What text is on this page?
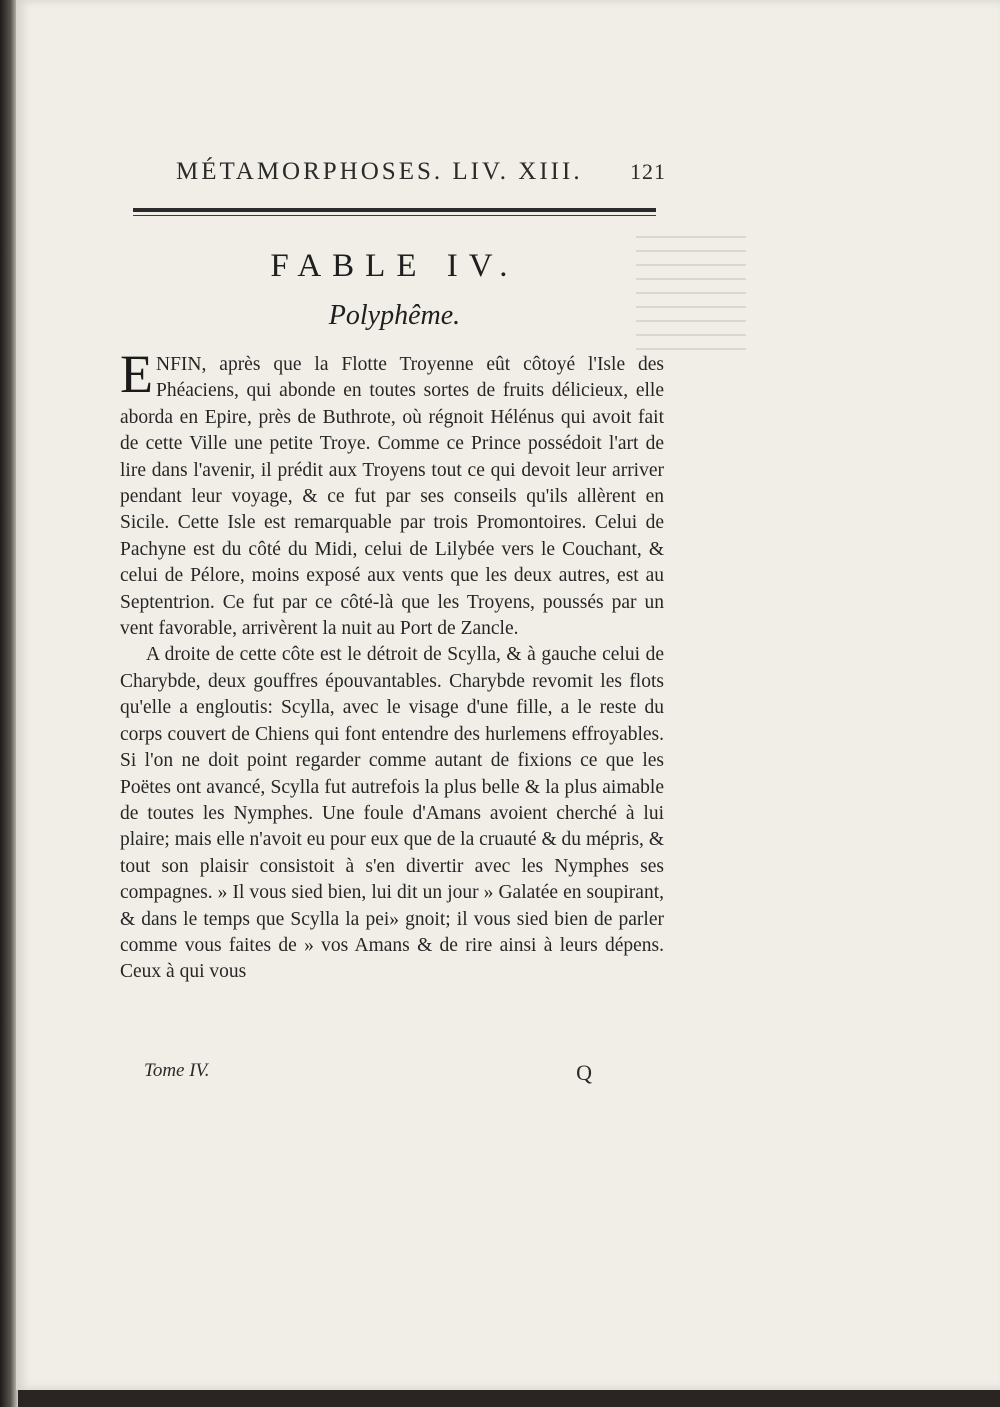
MÉTAMORPHOSES. LIV. XIII. 121
FABLE IV.
Polyphême.

ENFIN, après que la Flotte Troyenne eût côtoyé l'Isle des Phéaciens, qui abonde en toutes sortes de fruits délicieux, elle aborda en Epire, près de Buthrote, où régnoit Hélénus qui avoit fait de cette Ville une petite Troye. Comme ce Prince possédoit l'art de lire dans l'avenir, il prédit aux Troyens tout ce qui devoit leur arriver pendant leur voyage, & ce fut par ses conseils qu'ils allèrent en Sicile. Cette Isle est remarquable par trois Promontoires. Celui de Pachyne est du côté du Midi, celui de Lilybée vers le Couchant, & celui de Pélore, moins exposé aux vents que les deux autres, est au Septentrion. Ce fut par ce côté-là que les Troyens, poussés par un vent favorable, arrivèrent la nuit au Port de Zancle.

A droite de cette côte est le détroit de Scylla, & à gauche celui de Charybde, deux gouffres épouvantables. Charybde revomit les flots qu'elle a engloutis: Scylla, avec le visage d'une fille, a le reste du corps couvert de Chiens qui font entendre des hurlemens effroyables. Si l'on ne doit point regarder comme autant de fixions ce que les Poëtes ont avancé, Scylla fut autrefois la plus belle & la plus aimable de toutes les Nymphes. Une foule d'Amans avoient cherché à lui plaire; mais elle n'avoit eu pour eux que de la cruauté & du mépris, & tout son plaisir consistoit à s'en divertir avec les Nymphes ses compagnes. » Il vous sied bien, lui dit un jour » Galatée en soupirant, & dans le temps que Scylla la pei» gnoit; il vous sied bien de parler comme vous faites de » vos Amans & de rire ainsi à leurs dépens. Ceux à qui vous

Tome IV.	Q
